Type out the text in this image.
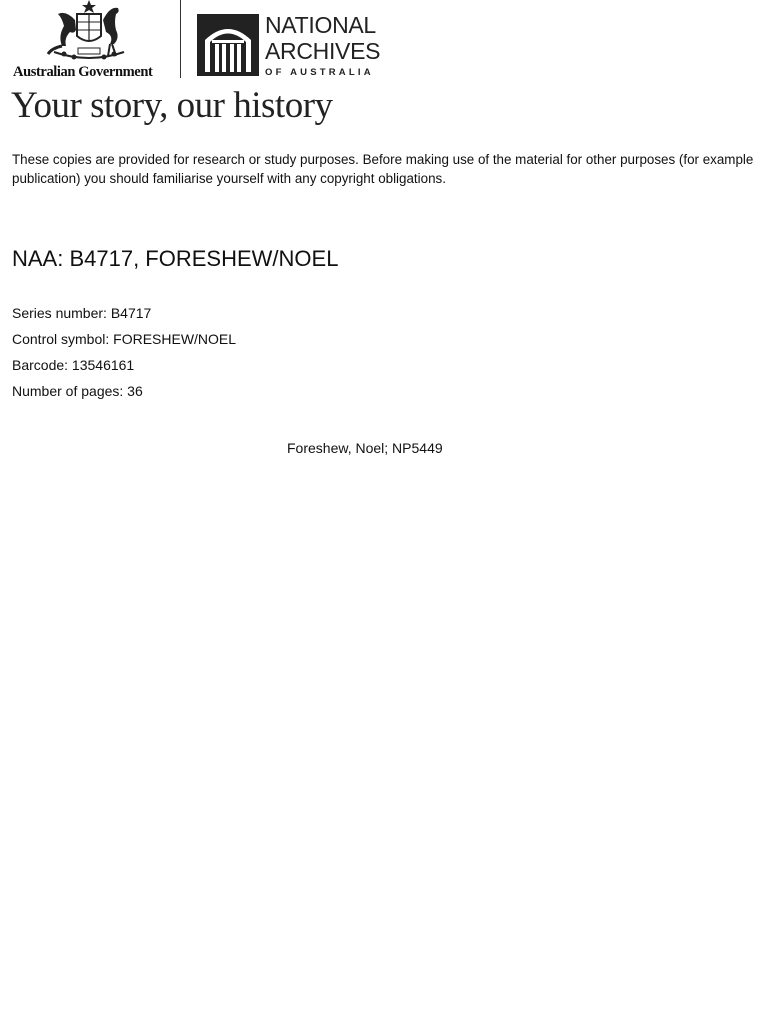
Australian Government
NATIONAL
ARCHIVES
OF AUSTRALIA
Your story, our history
These copies are provided for research or study purposes. Before making use of the material for other purposes (for example publication) you should familiarise yourself with any copyright obligations.
NAA: B4717, FORESHEW/NOEL
Series number: B4717
Control symbol: FORESHEW/NOEL
Barcode: 13546161
Number of pages: 36
Foreshew, Noel; NP5449
